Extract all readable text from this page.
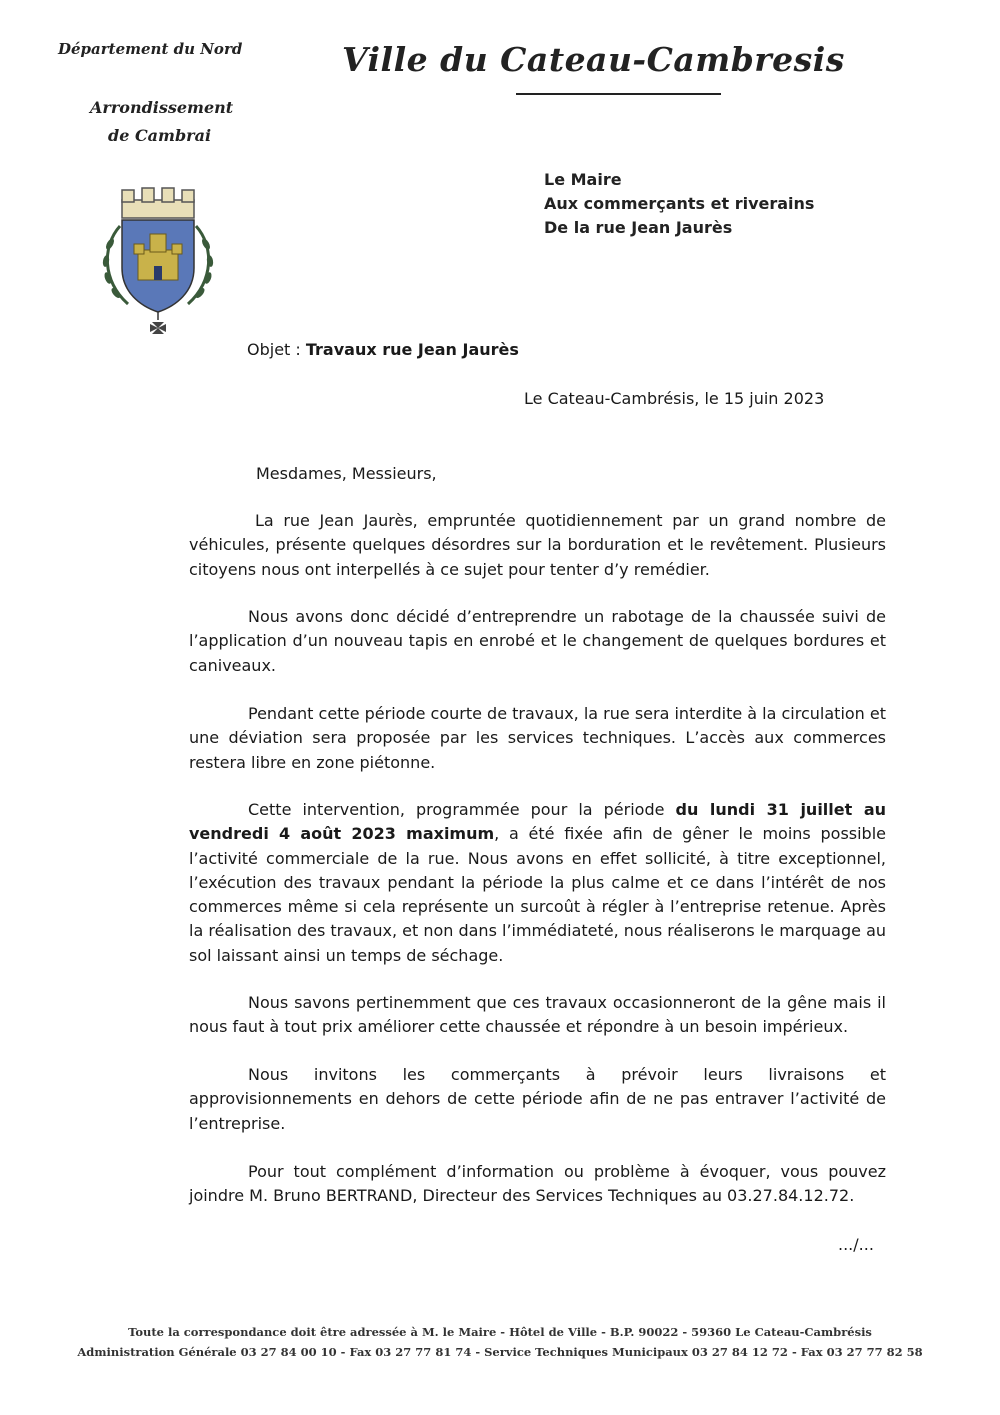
Département du Nord
Arrondissement
de Cambrai
Ville du Cateau-Cambresis
Le Maire
Aux commerçants et riverains
De la rue Jean Jaurès
Objet : Travaux rue Jean Jaurès
Le Cateau-Cambrésis, le 15 juin 2023
Mesdames, Messieurs,

La rue Jean Jaurès, empruntée quotidiennement par un grand nombre de véhicules, présente quelques désordres sur la borduration et le revêtement. Plusieurs citoyens nous ont interpellés à ce sujet pour tenter d’y remédier.

Nous avons donc décidé d’entreprendre un rabotage de la chaussée suivi de l’application d’un nouveau tapis en enrobé et le changement de quelques bordures et caniveaux.

Pendant cette période courte de travaux, la rue sera interdite à la circulation et une déviation sera proposée par les services techniques. L’accès aux commerces restera libre en zone piétonne.

Cette intervention, programmée pour la période du lundi 31 juillet au vendredi 4 août 2023 maximum, a été fixée afin de gêner le moins possible l’activité commerciale de la rue. Nous avons en effet sollicité, à titre exceptionnel, l’exécution des travaux pendant la période la plus calme et ce dans l’intérêt de nos commerces même si cela représente un surcoût à régler à l’entreprise retenue. Après la réalisation des travaux, et non dans l’immédiateté, nous réaliserons le marquage au sol laissant ainsi un temps de séchage.

Nous savons pertinemment que ces travaux occasionneront de la gêne mais il nous faut à tout prix améliorer cette chaussée et répondre à un besoin impérieux.

Nous invitons les commerçants à prévoir leurs livraisons et approvisionnements en dehors de cette période afin de ne pas entraver l’activité de l’entreprise.

Pour tout complément d’information ou problème à évoquer, vous pouvez joindre M. Bruno BERTRAND, Directeur des Services Techniques au 03.27.84.12.72.

.../...
Toute la correspondance doit être adressée à M. le Maire - Hôtel de Ville - B.P. 90022 - 59360 Le Cateau-Cambrésis
Administration Générale 03 27 84 00 10 - Fax 03 27 77 81 74 - Service Techniques Municipaux 03 27 84 12 72 - Fax 03 27 77 82 58
